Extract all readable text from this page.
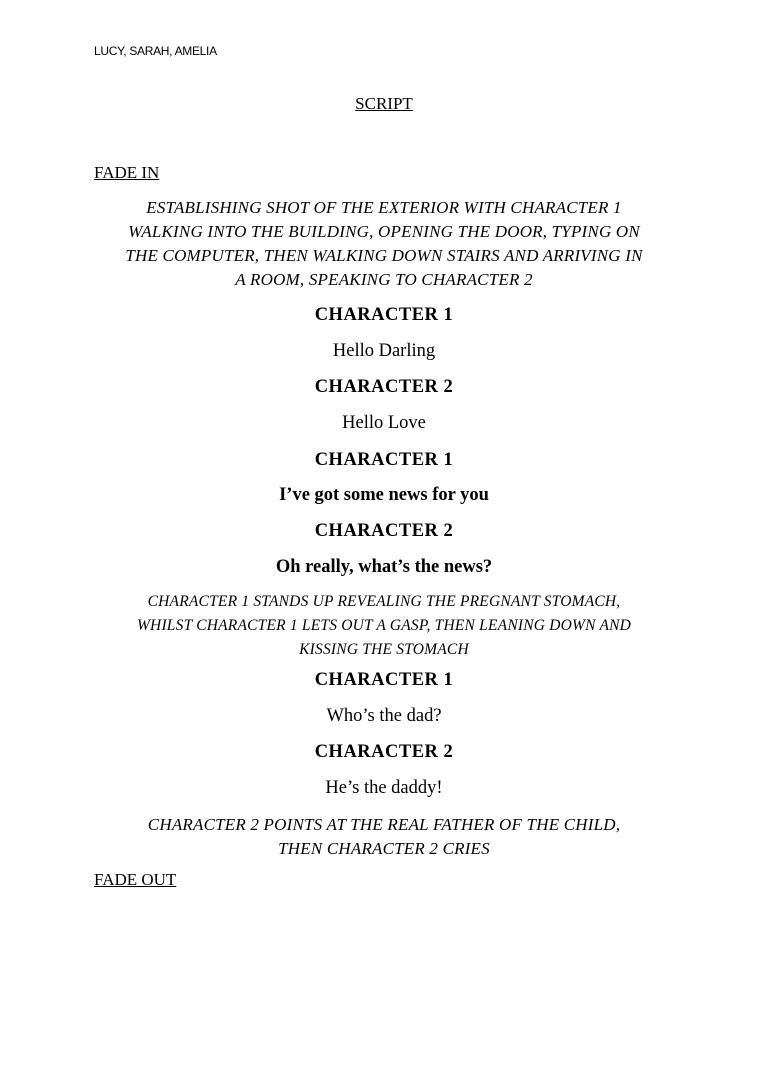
LUCY, SARAH, AMELIA
SCRIPT
FADE IN
ESTABLISHING SHOT OF THE EXTERIOR WITH CHARACTER 1
WALKING INTO THE BUILDING, OPENING THE DOOR, TYPING ON
THE COMPUTER, THEN WALKING DOWN STAIRS AND ARRIVING IN
A ROOM, SPEAKING TO CHARACTER 2
CHARACTER 1
Hello Darling
CHARACTER 2
Hello Love
CHARACTER 1
I’ve got some news for you
CHARACTER 2
Oh really, what’s the news?
CHARACTER 1 STANDS UP REVEALING THE PREGNANT STOMACH,
WHILST CHARACTER 1 LETS OUT A GASP, THEN LEANING DOWN AND
KISSING THE STOMACH
CHARACTER 1
Who’s the dad?
CHARACTER 2
He’s the daddy!
CHARACTER 2 POINTS AT THE REAL FATHER OF THE CHILD,
THEN CHARACTER 2 CRIES
FADE OUT
